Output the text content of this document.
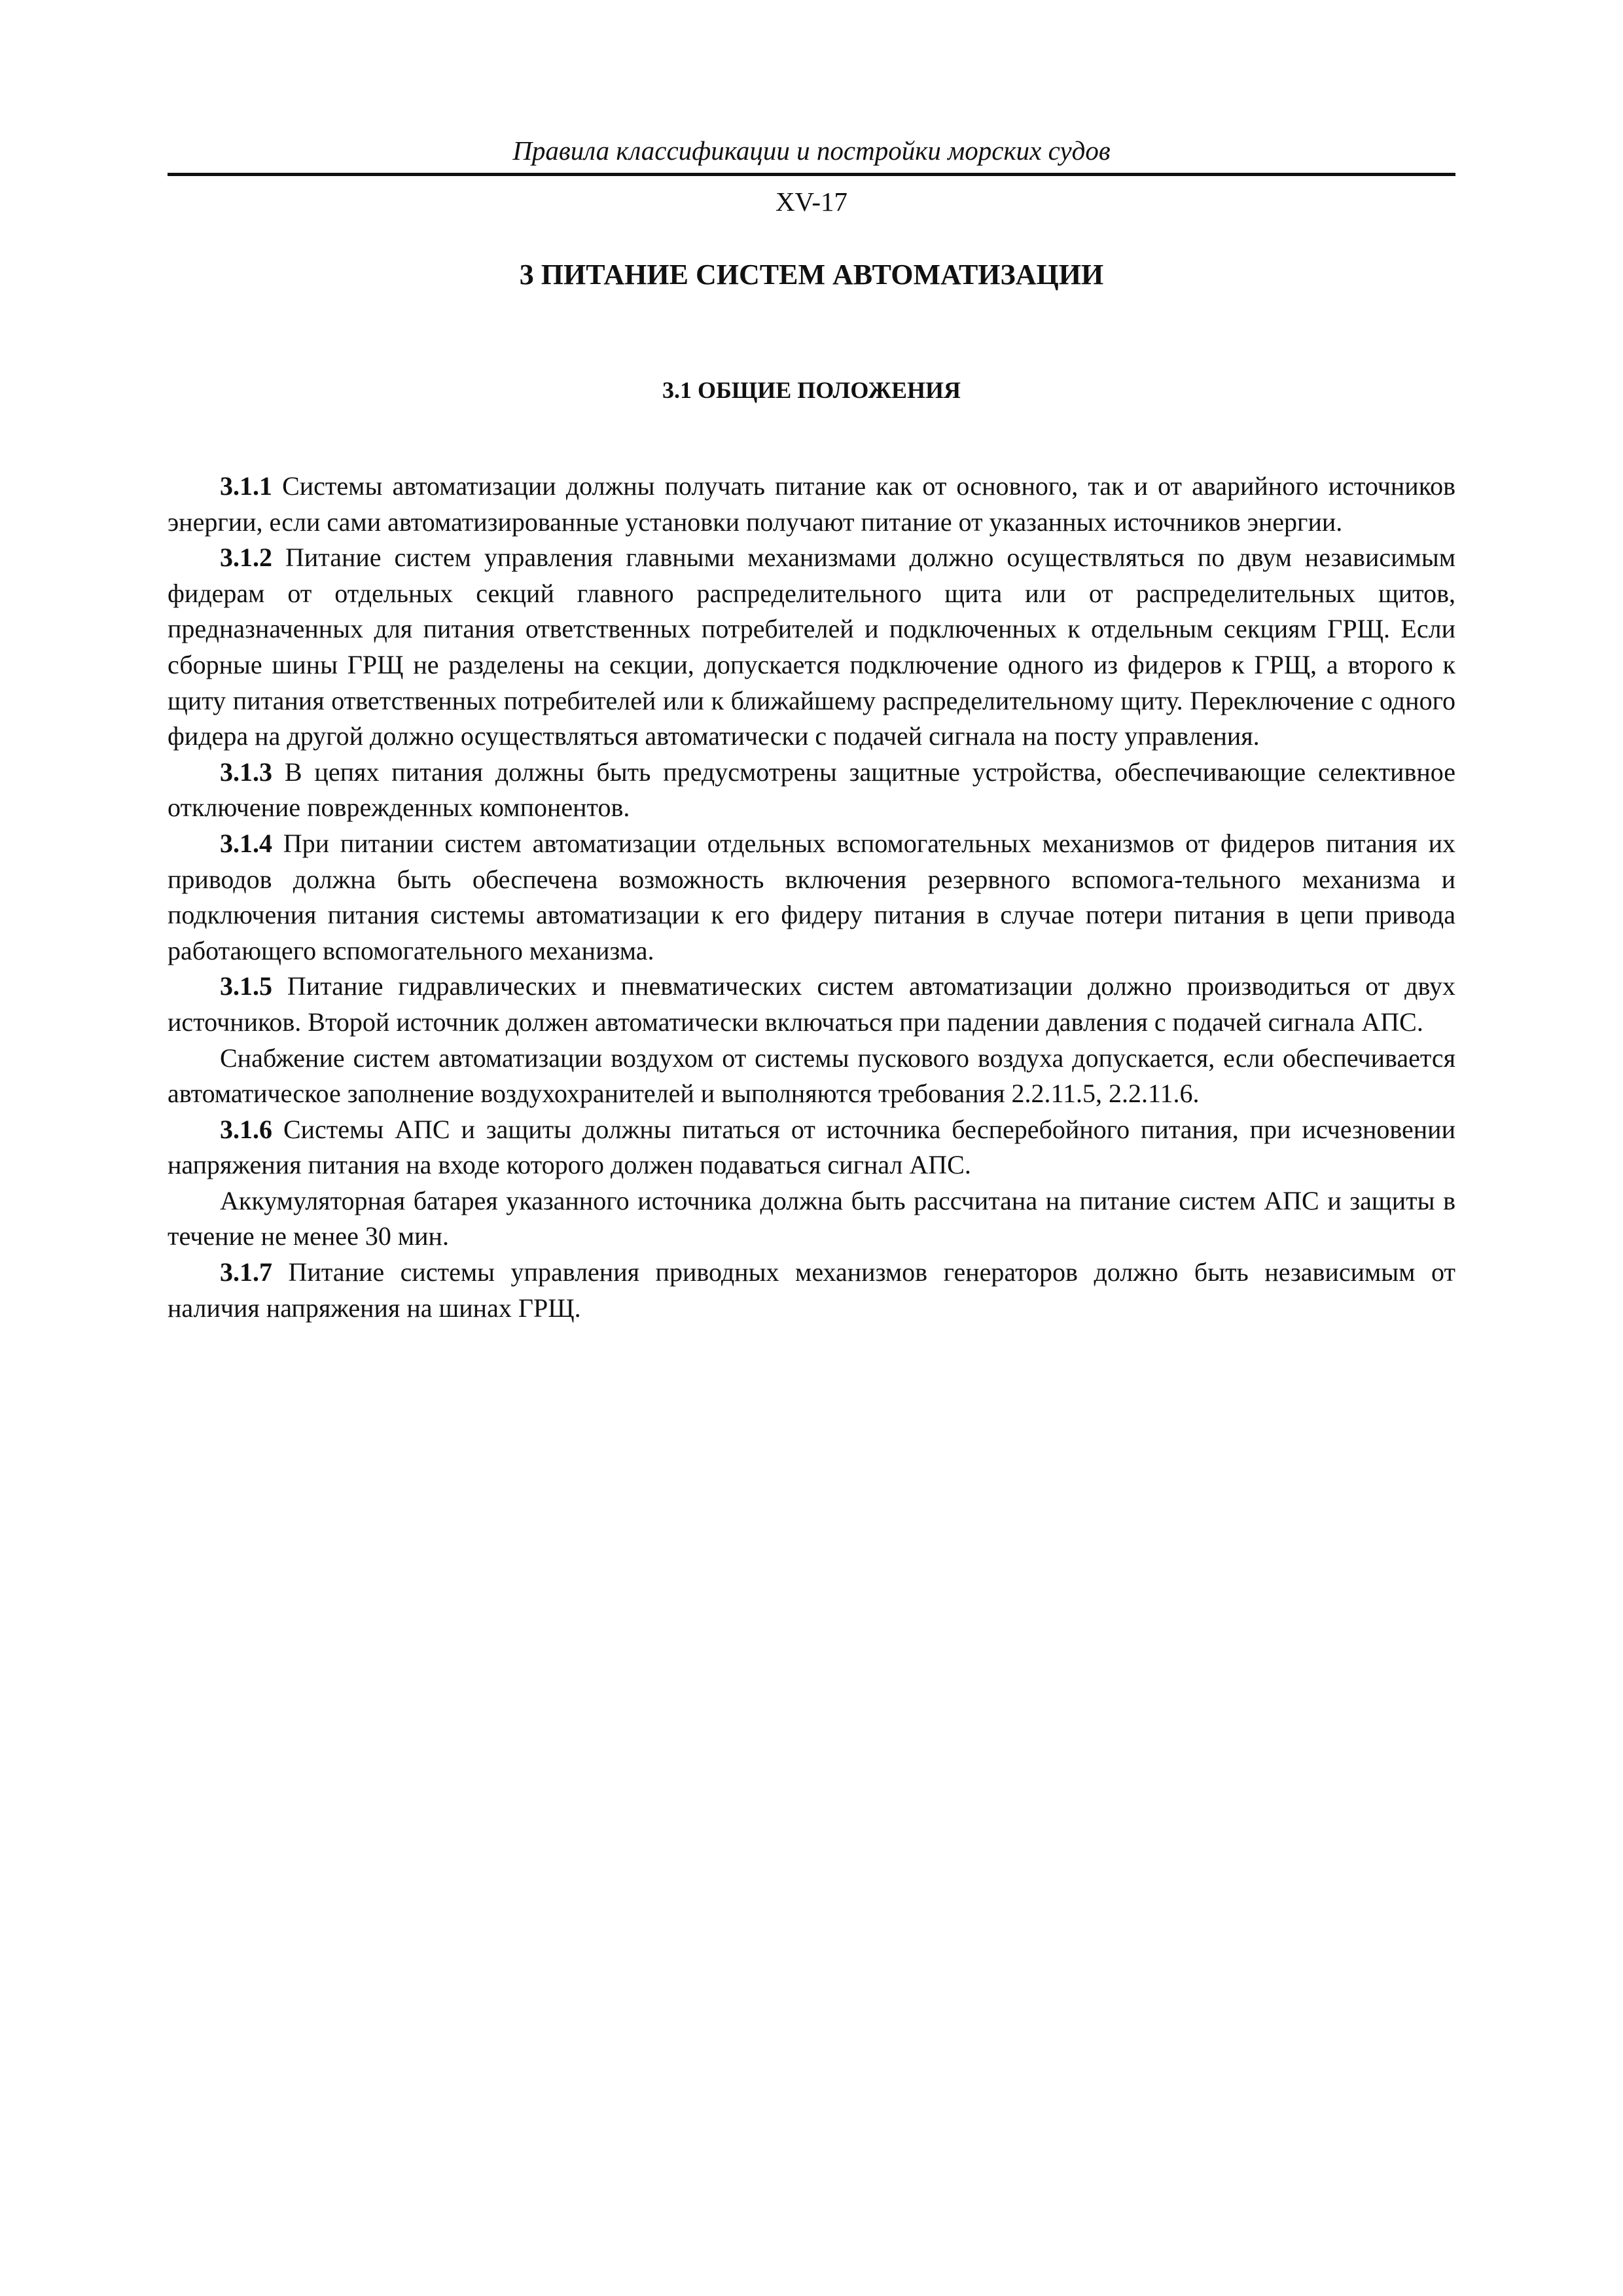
Правила классификации и постройки морских судов
XV-17
3 ПИТАНИЕ СИСТЕМ АВТОМАТИЗАЦИИ
3.1 ОБЩИЕ ПОЛОЖЕНИЯ

3.1.1 Системы автоматизации должны получать питание как от основного, так и от аварийного источников энергии, если сами автоматизированные установки получают питание от указанных источников энергии.

3.1.2 Питание систем управления главными механизмами должно осуществляться по двум независимым фидерам от отдельных секций главного распределительного щита или от распределительных щитов, предназначенных для питания ответственных потребителей и подключенных к отдельным секциям ГРЩ. Если сборные шины ГРЩ не разделены на секции, допускается подключение одного из фидеров к ГРЩ, а второго к щиту питания ответственных потребителей или к ближайшему распределительному щиту. Переключение с одного фидера на другой должно осуществляться автоматически с подачей сигнала на посту управления.

3.1.3 В цепях питания должны быть предусмотрены защитные устройства, обеспечивающие селективное отключение поврежденных компонентов.

3.1.4 При питании систем автоматизации отдельных вспомогательных механизмов от фидеров питания их приводов должна быть обеспечена возможность включения резервного вспомога-тельного механизма и подключения питания системы автоматизации к его фидеру питания в случае потери питания в цепи привода работающего вспомогательного механизма.

3.1.5 Питание гидравлических и пневматических систем автоматизации должно производиться от двух источников. Второй источник должен автоматически включаться при падении давления с подачей сигнала АПС.

Снабжение систем автоматизации воздухом от системы пускового воздуха допускается, если обеспечивается автоматическое заполнение воздухохранителей и выполняются требования 2.2.11.5, 2.2.11.6.

3.1.6 Системы АПС и защиты должны питаться от источника бесперебойного питания, при исчезновении напряжения питания на входе которого должен подаваться сигнал АПС.

Аккумуляторная батарея указанного источника должна быть рассчитана на питание систем АПС и защиты в течение не менее 30 мин.

3.1.7 Питание системы управления приводных механизмов генераторов должно быть независимым от наличия напряжения на шинах ГРЩ.
